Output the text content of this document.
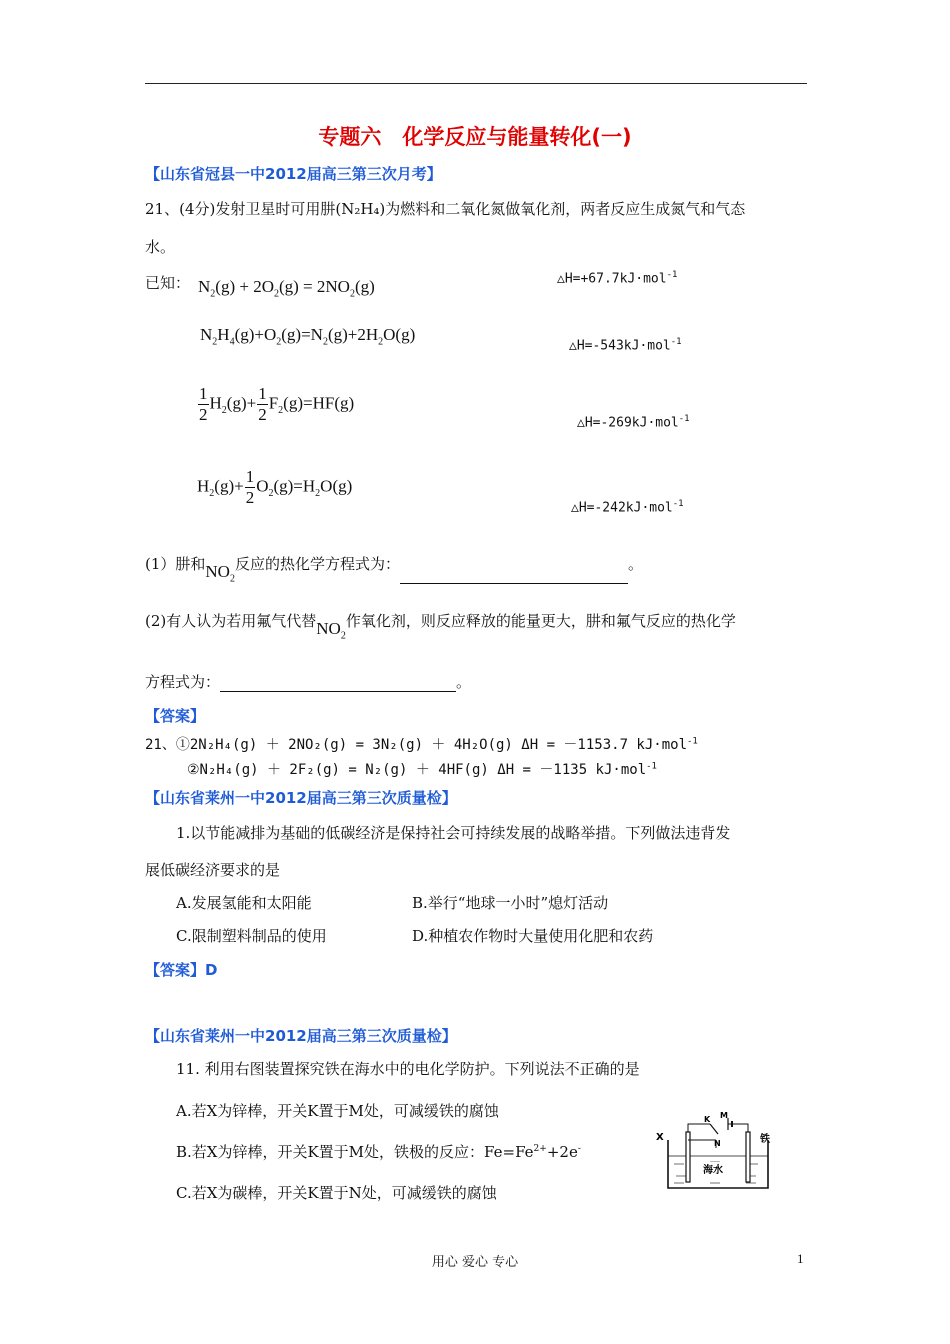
专题六　化学反应与能量转化(一)
【山东省冠县一中2012届高三第三次月考】
21、(4分)发射卫星时可用肼(N₂H₄)为燃料和二氧化氮做氧化剂，两者反应生成氮气和气态
水。
已知： $N_2(g) + 2O_2(g) = 2NO_2(g)$	△H=+67.7kJ·mol$^{-1}$
$N_2H_4(g)+O_2(g)=N_2(g)+2H_2O(g)$
△H=-543kJ·mol$^{-1}$
$\frac{1}{2} H_2(g)+ \frac{1}{2} F_2(g)=HF(g)$
△H=-269kJ·mol$^{-1}$
$H_2(g)+ \frac{1}{2} O_2(g)=H_2O(g)$
△H=-242kJ·mol$^{-1}$
(1）肼和$NO_2$反应的热化学方程式为：	。
(2)有人认为若用氟气代替$NO_2$作氧化剂，则反应释放的能量更大，肼和氟气反应的热化学
方程式为：	。
【答案】
21、①2N₂H₄(g) ＋ 2NO₂(g) = 3N₂(g) ＋ 4H₂O(g) ΔH = －1153.7 kJ·mol$^{-1}$
②N₂H₄(g) ＋ 2F₂(g) = N₂(g) ＋ 4HF(g) ΔH = －1135 kJ·mol$^{-1}$
【山东省莱州一中2012届高三第三次质量检】
1.以节能减排为基础的低碳经济是保持社会可持续发展的战略举措。下列做法违背发
展低碳经济要求的是
A.发展氢能和太阳能	B.举行“地球一小时”熄灯活动
C.限制塑料制品的使用	D.种植农作物时大量使用化肥和农药
【答案】D
【山东省莱州一中2012届高三第三次质量检】
11. 利用右图装置探究铁在海水中的电化学防护。下列说法不正确的是
A.若X为锌棒，开关K置于M处，可减缓铁的腐蚀
B.若X为锌棒，开关K置于M处，铁极的反应：$Fe=Fe^{2+}+2e^-$
C.若X为碳棒，开关K置于N处，可减缓铁的腐蚀
X
K M
N	铁
海水
用心 爱心 专心	1
